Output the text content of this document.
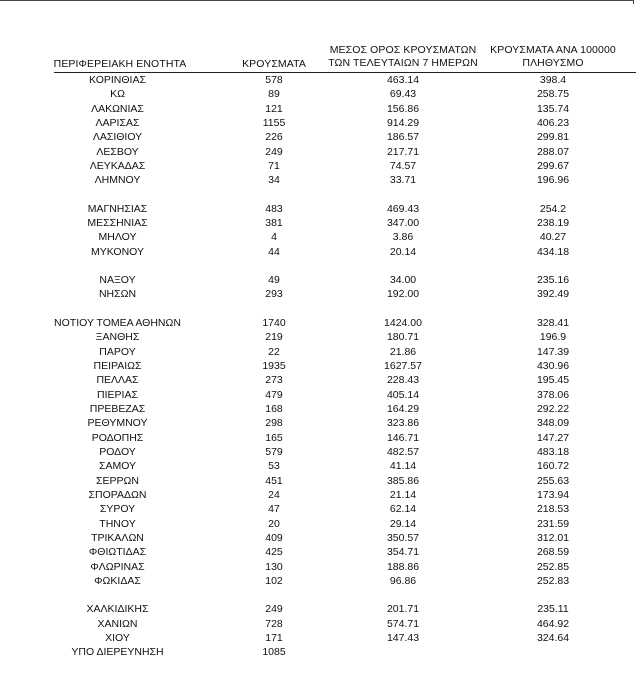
ΠΕΡΙΦΕΡΕΙΑΚΗ ΕΝΟΤΗΤΑ	ΚΡΟΥΣΜΑΤΑ
ΜΕΣΟΣ ΟΡΟΣ ΚΡΟΥΣΜΑΤΩΝ
ΤΩΝ ΤΕΛΕΥΤΑΙΩΝ 7 ΗΜΕΡΩΝ
ΚΡΟΥΣΜΑΤΑ ΑΝΑ 100000
ΠΛΗΘΥΣΜΟ
ΚΟΡΙΝΘΙΑΣ	578	463.14	398.4
ΚΩ	89	69.43	258.75
ΛΑΚΩΝΙΑΣ	121	156.86	135.74
ΛΑΡΙΣΑΣ	1155	914.29	406.23
ΛΑΣΙΘΙΟΥ	226	186.57	299.81
ΛΕΣΒΟΥ	249	217.71	288.07
ΛΕΥΚΑΔΑΣ	71	74.57	299.67
ΛΗΜΝΟΥ	34	33.71	196.96
ΜΑΓΝΗΣΙΑΣ	483	469.43	254.2
ΜΕΣΣΗΝΙΑΣ	381	347.00	238.19
ΜΗΛΟΥ	4	3.86	40.27
ΜΥΚΟΝΟΥ	44	20.14	434.18
ΝΑΞΟΥ	49	34.00	235.16
ΝΗΣΩΝ	293	192.00	392.49
ΝΟΤΙΟΥ ΤΟΜΕΑ ΑΘΗΝΩΝ	1740	1424.00	328.41
ΞΑΝΘΗΣ	219	180.71	196.9
ΠΑΡΟΥ	22	21.86	147.39
ΠΕΙΡΑΙΩΣ	1935	1627.57	430.96
ΠΕΛΛΑΣ	273	228.43	195.45
ΠΙΕΡΙΑΣ	479	405.14	378.06
ΠΡΕΒΕΖΑΣ	168	164.29	292.22
ΡΕΘΥΜΝΟΥ	298	323.86	348.09
ΡΟΔΟΠΗΣ	165	146.71	147.27
ΡΟΔΟΥ	579	482.57	483.18
ΣΑΜΟΥ	53	41.14	160.72
ΣΕΡΡΩΝ	451	385.86	255.63
ΣΠΟΡΑΔΩΝ	24	21.14	173.94
ΣΥΡΟΥ	47	62.14	218.53
ΤΗΝΟΥ	20	29.14	231.59
ΤΡΙΚΑΛΩΝ	409	350.57	312.01
ΦΘΙΩΤΙΔΑΣ	425	354.71	268.59
ΦΛΩΡΙΝΑΣ	130	188.86	252.85
ΦΩΚΙΔΑΣ	102	96.86	252.83
ΧΑΛΚΙΔΙΚΗΣ	249	201.71	235.11
ΧΑΝΙΩΝ	728	574.71	464.92
ΧΙΟΥ	171	147.43	324.64
ΥΠΟ ΔΙΕΡΕΥΝΗΣΗ	1085
